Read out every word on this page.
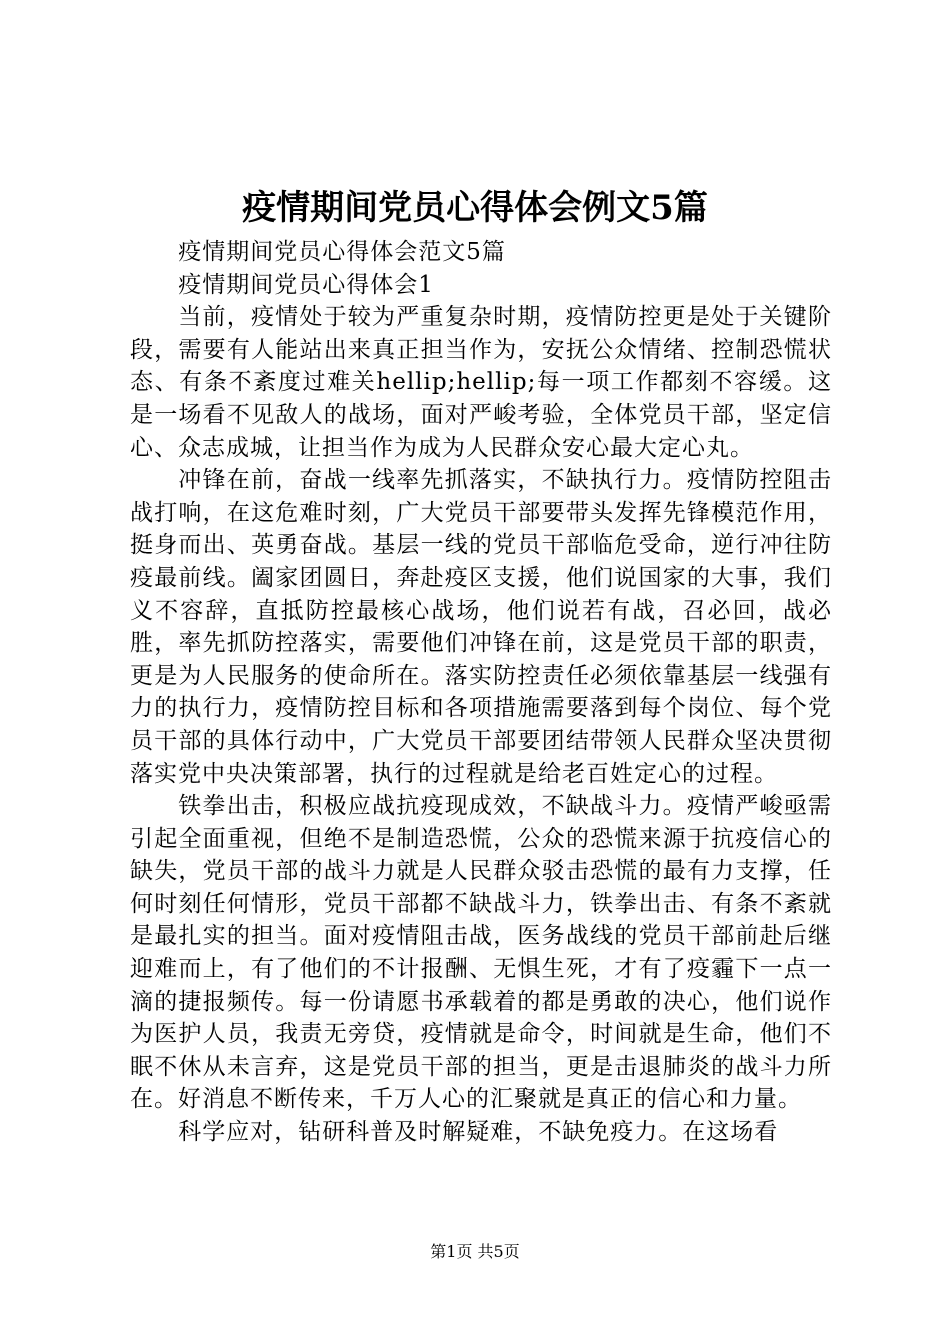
疫情期间党员心得体会例文5篇

疫情期间党员心得体会范文5篇

疫情期间党员心得体会1

当前，疫情处于较为严重复杂时期，疫情防控更是处于关键阶段，需要有人能站出来真正担当作为，安抚公众情绪、控制恐慌状态、有条不紊度过难关hellip;hellip;每一项工作都刻不容缓。这是一场看不见敌人的战场，面对严峻考验，全体党员干部，坚定信心、众志成城，让担当作为成为人民群众安心最大定心丸。

冲锋在前，奋战一线率先抓落实，不缺执行力。疫情防控阻击战打响，在这危难时刻，广大党员干部要带头发挥先锋模范作用，挺身而出、英勇奋战。基层一线的党员干部临危受命，逆行冲往防疫最前线。阖家团圆日，奔赴疫区支援，他们说国家的大事，我们义不容辞，直抵防控最核心战场，他们说若有战，召必回，战必胜，率先抓防控落实，需要他们冲锋在前，这是党员干部的职责，更是为人民服务的使命所在。落实防控责任必须依靠基层一线强有力的执行力，疫情防控目标和各项措施需要落到每个岗位、每个党员干部的具体行动中，广大党员干部要团结带领人民群众坚决贯彻落实党中央决策部署，执行的过程就是给老百姓定心的过程。

铁拳出击，积极应战抗疫现成效，不缺战斗力。疫情严峻亟需引起全面重视，但绝不是制造恐慌，公众的恐慌来源于抗疫信心的缺失，党员干部的战斗力就是人民群众驳击恐慌的最有力支撑，任何时刻任何情形，党员干部都不缺战斗力，铁拳出击、有条不紊就是最扎实的担当。面对疫情阻击战，医务战线的党员干部前赴后继迎难而上，有了他们的不计报酬、无惧生死，才有了疫霾下一点一滴的捷报频传。每一份请愿书承载着的都是勇敢的决心，他们说作为医护人员，我责无旁贷，疫情就是命令，时间就是生命，他们不眠不休从未言弃，这是党员干部的担当，更是击退肺炎的战斗力所在。好消息不断传来，千万人心的汇聚就是真正的信心和力量。

科学应对，钻研科普及时解疑难，不缺免疫力。在这场看

第1页 共5页
